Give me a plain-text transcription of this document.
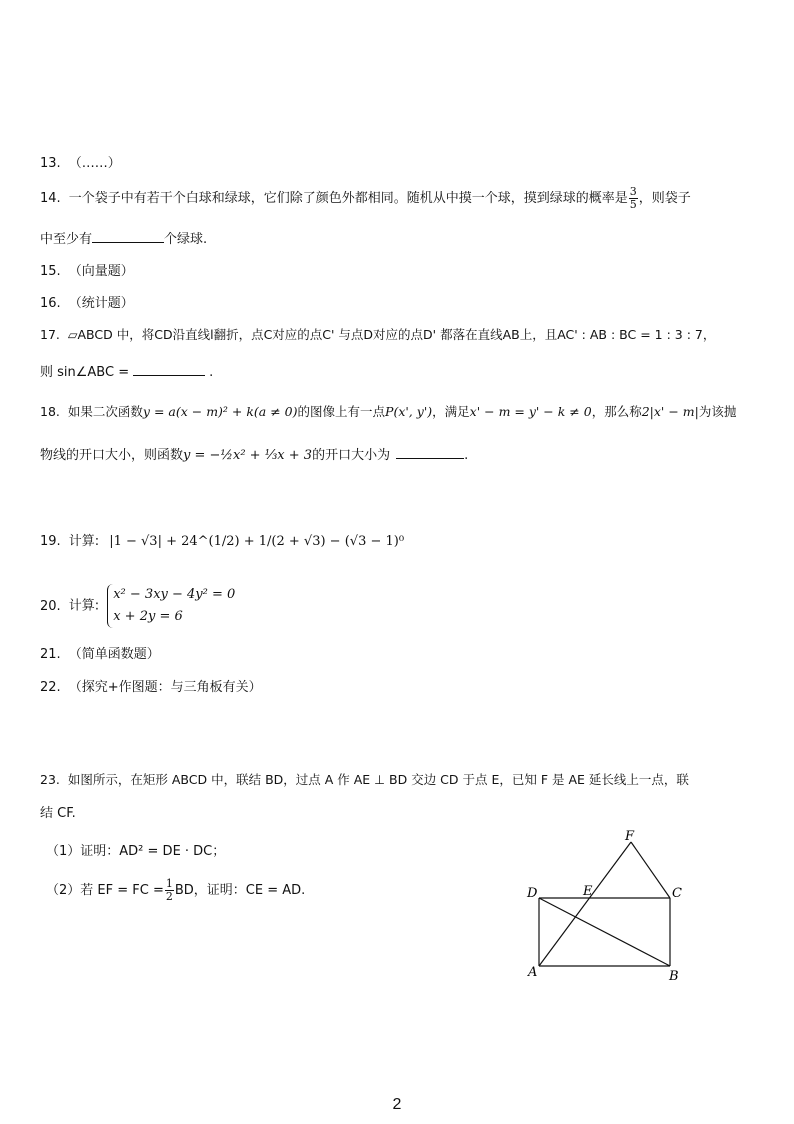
13. （……）
14. 一个袋子中有若干个白球和绿球，它们除了颜色外都相同。随机从中摸一个球，摸到绿球的概率是 $\frac{3}{5}$ ，则袋子
中至少有	个绿球.
15. （向量题）
16. （统计题）
17. ▱ABCD 中，将CD沿直线l翻折，点C对应的点C' 与点D对应的点D' 都落在直线AB上，且AC' : AB : BC = 1 : 3 : 7，
则 sin∠ABC =	.
18. 如果二次函数y = a(x − m)² + k(a ≠ 0)的图像上有一点P(x', y')，满足x' − m = y' − k ≠ 0，那么称2|x' − m|为该抛
物线的开口大小，则函数y = −½x² + ⅓x + 3的开口大小为	.
19. 计算: |1 − √3| + 24^(1/2) + 1/(2 + √3) − (√3 − 1)⁰
20. 计算:
x² − 3xy − 4y² = 0
x + 2y = 6
21. （简单函数题）
22. （探究+作图题：与三角板有关）
23. 如图所示，在矩形 ABCD 中，联结 BD，过点 A 作 AE ⊥ BD 交边 CD 于点 E，已知 F 是 AE 延长线上一点，联
结 CF.
（1）证明：AD² = DE · DC；
（2）若 EF = FC = $\frac{1}{2}$ BD，证明：CE = AD.
F
D	E	C
A	B
2
